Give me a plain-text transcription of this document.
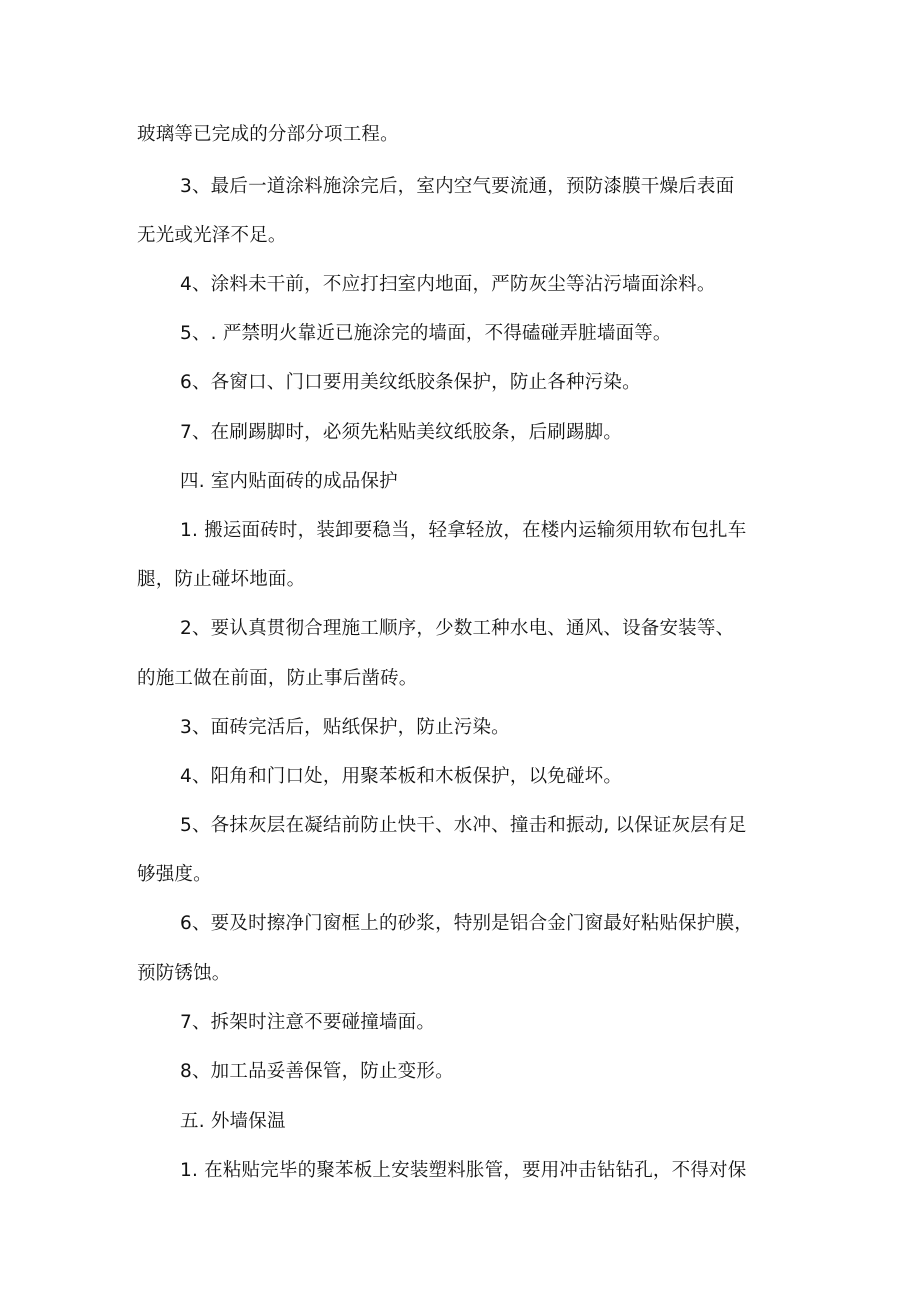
玻璃等已完成的分部分项工程。
3、最后一道涂料施涂完后，室内空气要流通，预防漆膜干燥后表面
无光或光泽不足。
4、涂料未干前，不应打扫室内地面，严防灰尘等沾污墙面涂料。
5、. 严禁明火靠近已施涂完的墙面，不得磕碰弄脏墙面等。
6、各窗口、门口要用美纹纸胶条保护，防止各种污染。
7、在刷踢脚时，必须先粘贴美纹纸胶条，后刷踢脚。
四. 室内贴面砖的成品保护
1. 搬运面砖时，装卸要稳当，轻拿轻放，在楼内运输须用软布包扎车
腿，防止碰坏地面。
2、要认真贯彻合理施工顺序，少数工种水电、通风、设备安装等、
的施工做在前面，防止事后凿砖。
3、面砖完活后，贴纸保护，防止污染。
4、阳角和门口处，用聚苯板和木板保护，以免碰坏。
5、各抹灰层在凝结前防止快干、水冲、撞击和振动, 以保证灰层有足
够强度。
6、要及时擦净门窗框上的砂浆，特别是铝合金门窗最好粘贴保护膜，
预防锈蚀。
7、拆架时注意不要碰撞墙面。
8、加工品妥善保管，防止变形。
五. 外墙保温
1. 在粘贴完毕的聚苯板上安装塑料胀管，要用冲击钻钻孔，不得对保
